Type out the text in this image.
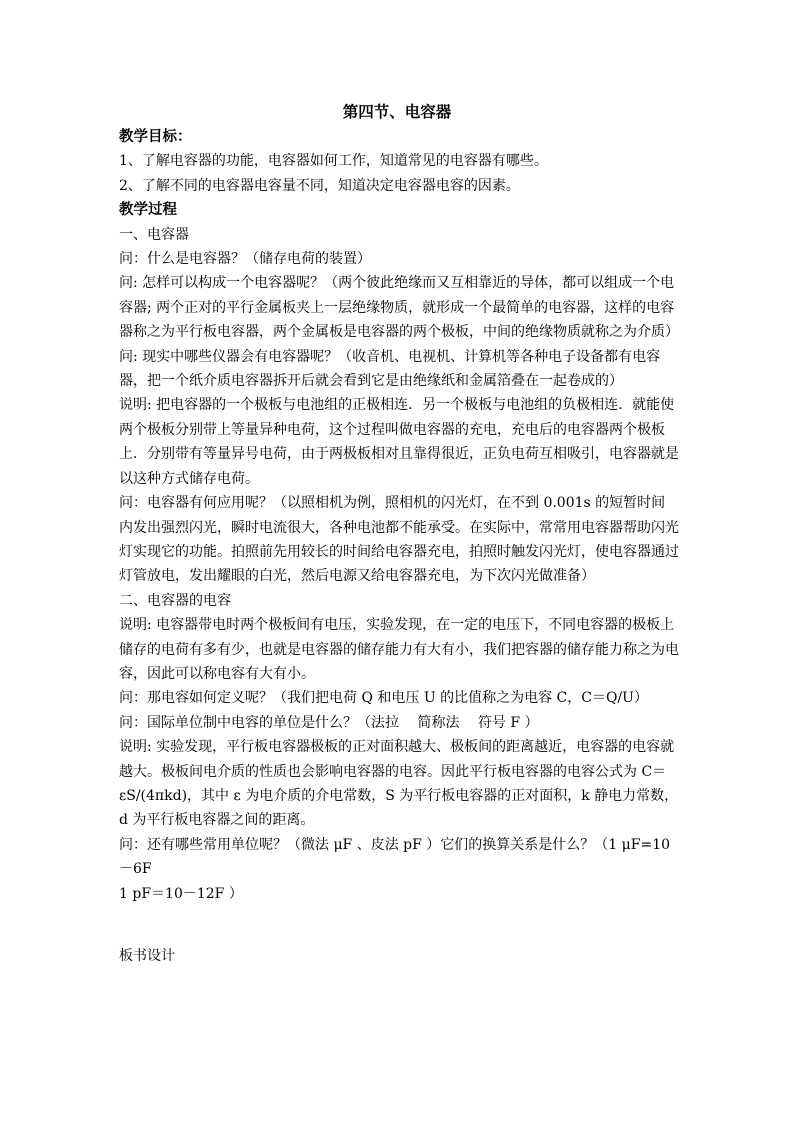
第四节、电容器

教学目标：

1、了解电容器的功能，电容器如何工作，知道常见的电容器有哪些。

2、了解不同的电容器电容量不同，知道决定电容器电容的因素。

教学过程

一、电容器

问：什么是电容器？（储存电荷的装置）

问: 怎样可以构成一个电容器呢？（两个彼此绝缘而又互相靠近的导体，都可以组成一个电容器; 两个正对的平行金属板夹上一层绝缘物质，就形成一个最简单的电容器，这样的电容器称之为平行板电容器，两个金属板是电容器的两个极板，中间的绝缘物质就称之为介质）

问: 现实中哪些仪器会有电容器呢？（收音机、电视机、计算机等各种电子设备都有电容器，把一个纸介质电容器拆开后就会看到它是由绝缘纸和金属箔叠在一起卷成的）

说明: 把电容器的一个极板与电池组的正极相连．另一个极板与电池组的负极相连．就能使两个极板分别带上等量异种电荷，这个过程叫做电容器的充电，充电后的电容器两个极板上．分别带有等量异号电荷，由于两极板相对且靠得很近，正负电荷互相吸引，电容器就是以这种方式储存电荷。

问：电容器有何应用呢？（以照相机为例，照相机的闪光灯，在不到 0.001s 的短暂时间内发出强烈闪光，瞬时电流很大，各种电池都不能承受。在实际中，常常用电容器帮助闪光灯实现它的功能。拍照前先用较长的时间给电容器充电，拍照时触发闪光灯，使电容器通过灯管放电，发出耀眼的白光，然后电源又给电容器充电，为下次闪光做准备）

二、电容器的电容

说明: 电容器带电时两个极板间有电压，实验发现，在一定的电压下，不同电容器的极板上储存的电荷有多有少，也就是电容器的储存能力有大有小，我们把容器的储存能力称之为电容，因此可以称电容有大有小。

问：那电容如何定义呢？（我们把电荷 Q 和电压 U 的比值称之为电容 C，C＝Q/U）

问：国际单位制中电容的单位是什么？（法拉　 简称法　 符号 F ）

说明: 实验发现，平行板电容器极板的正对面积越大、极板间的距离越近，电容器的电容就越大。极板间电介质的性质也会影响电容器的电容。因此平行板电容器的电容公式为 C＝εS/(4πkd)，其中 ε 为电介质的介电常数，S 为平行板电容器的正对面积，k 静电力常数，d 为平行板电容器之间的距离。

问：还有哪些常用单位呢？（微法 μF 、皮法 pF ）它们的换算关系是什么？（1 μF=10－6F

1 pF＝10－12F ）

板书设计
